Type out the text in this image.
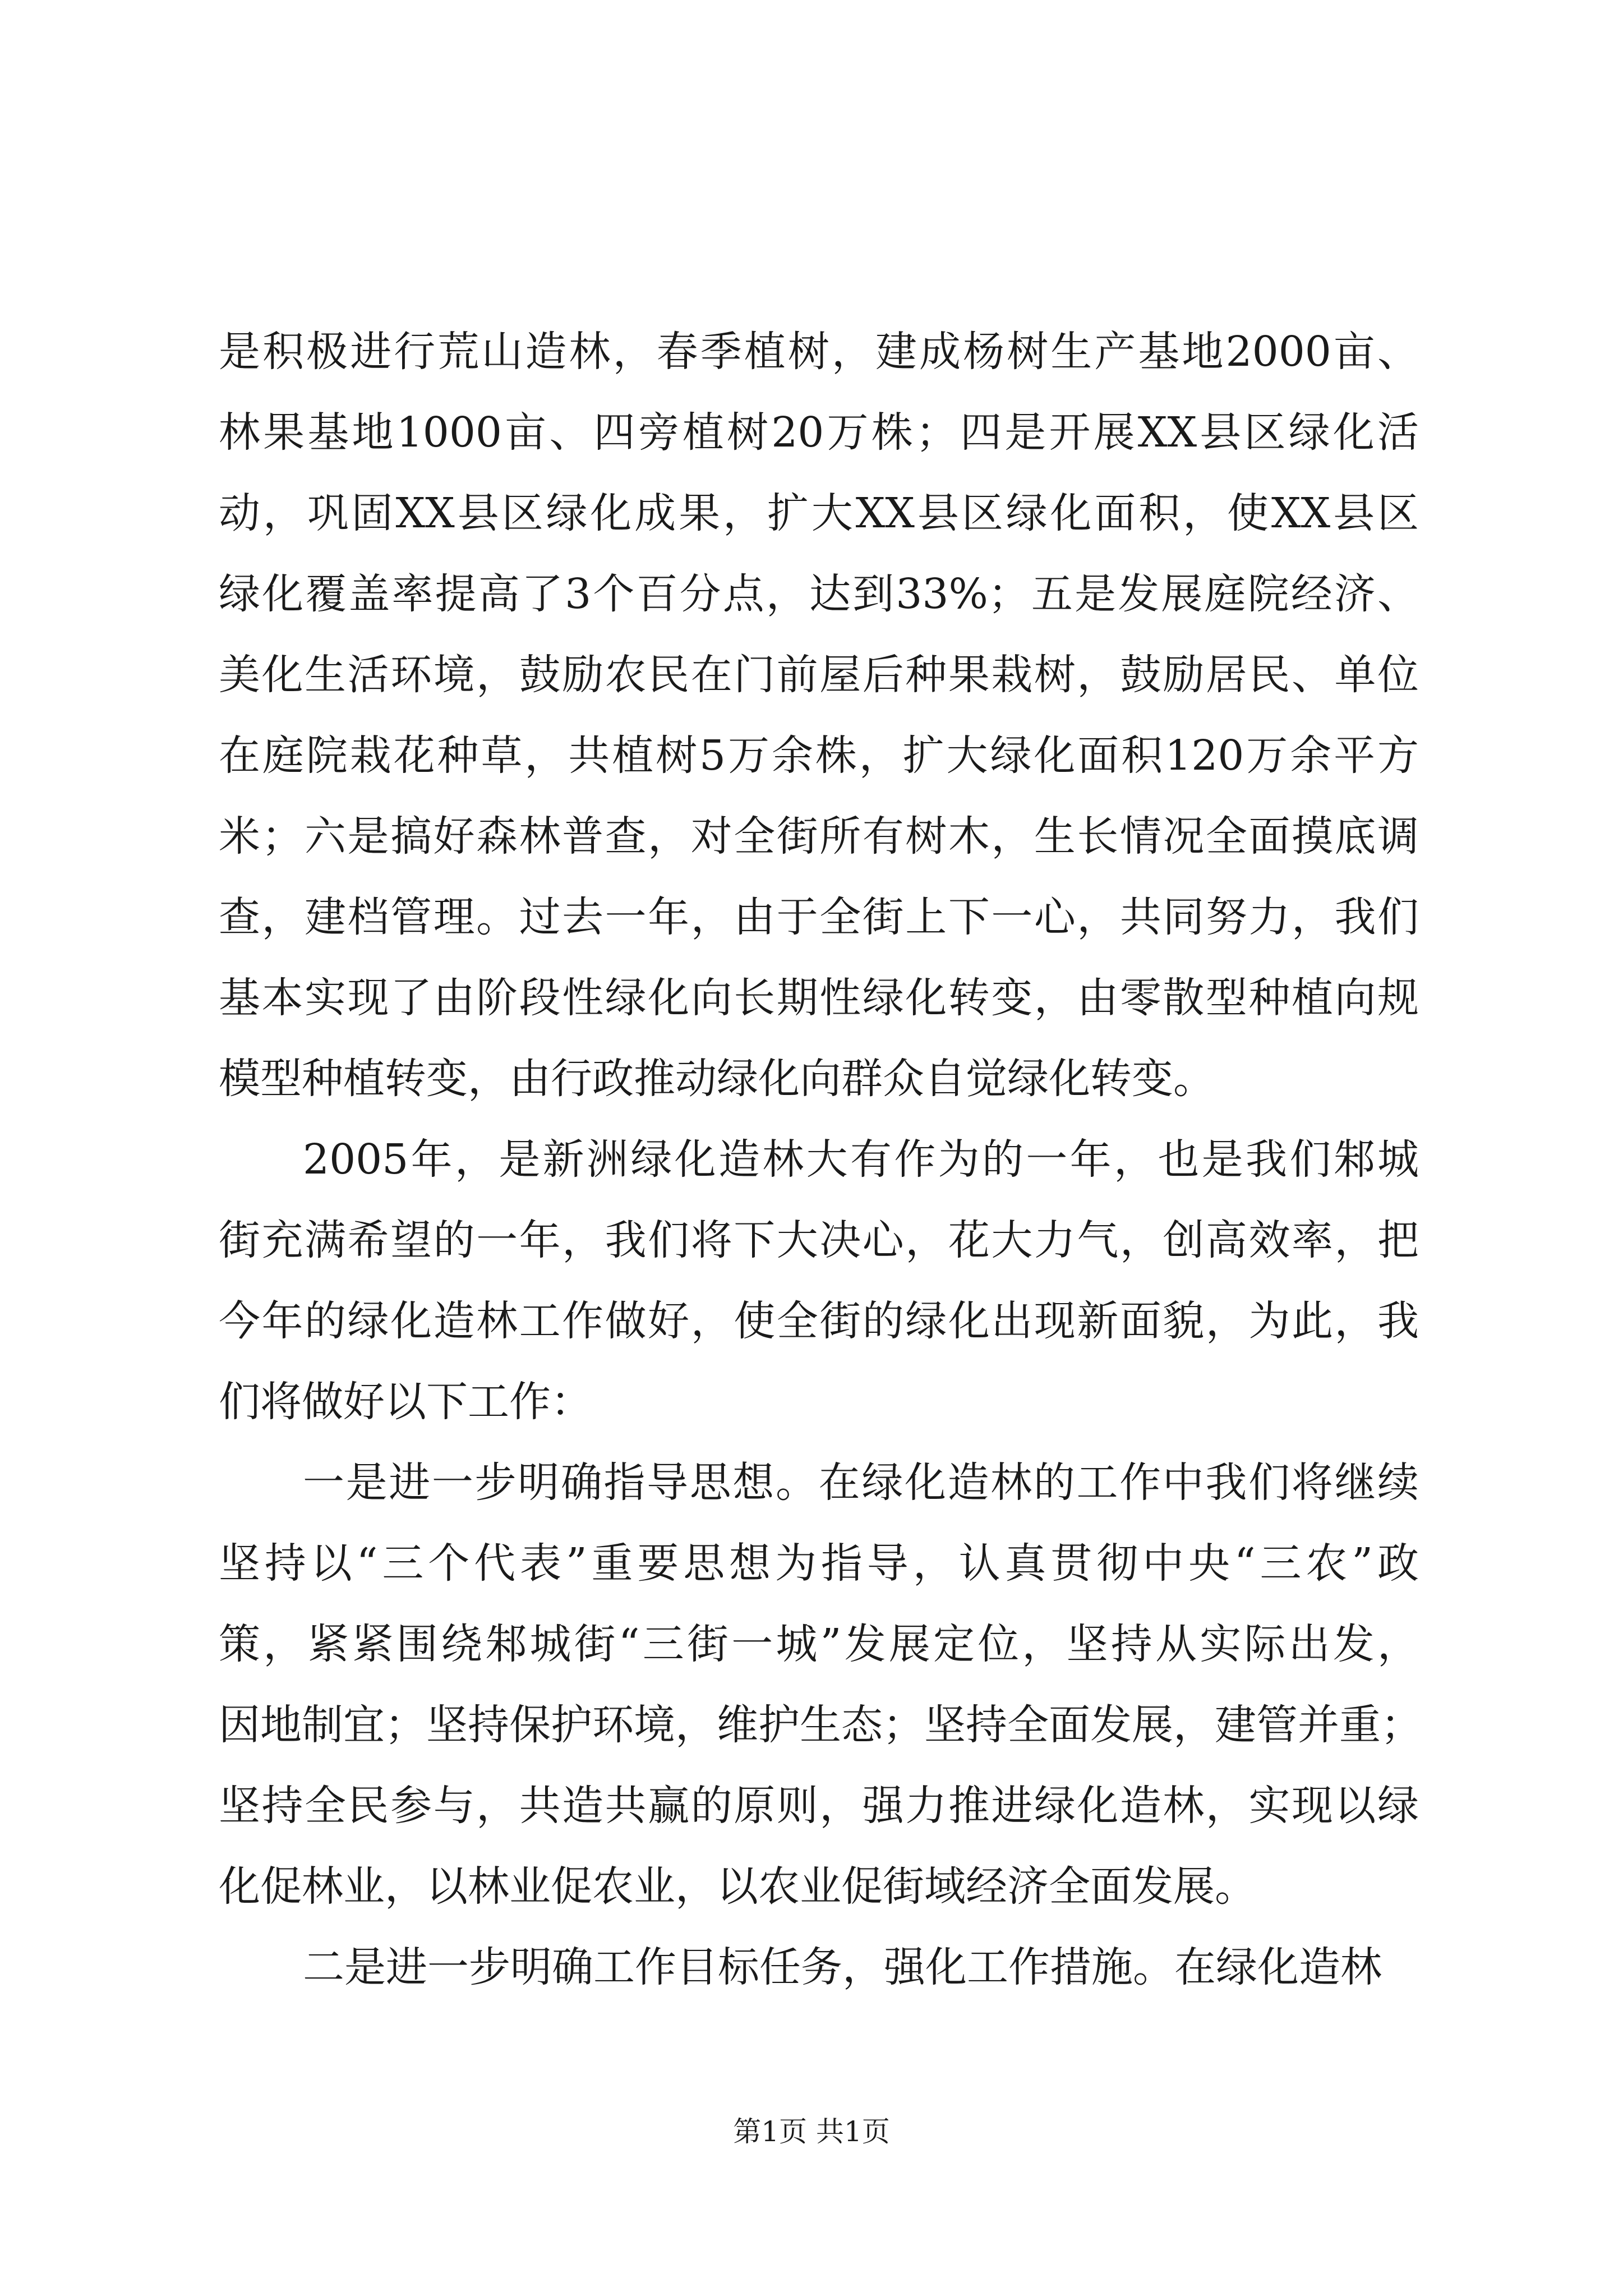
是积极进行荒山造林，春季植树，建成杨树生产基地2000亩、
林果基地1000亩、四旁植树20万株；四是开展XX县区绿化活
动，巩固XX县区绿化成果，扩大XX县区绿化面积，使XX县区
绿化覆盖率提高了3个百分点，达到33%；五是发展庭院经济、
美化生活环境，鼓励农民在门前屋后种果栽树，鼓励居民、单位
在庭院栽花种草，共植树5万余株，扩大绿化面积120万余平方
米；六是搞好森林普查，对全街所有树木，生长情况全面摸底调
查，建档管理。过去一年，由于全街上下一心，共同努力，我们
基本实现了由阶段性绿化向长期性绿化转变，由零散型种植向规
模型种植转变，由行政推动绿化向群众自觉绿化转变。
2005年，是新洲绿化造林大有作为的一年，也是我们邾城
街充满希望的一年，我们将下大决心，花大力气，创高效率，把
今年的绿化造林工作做好，使全街的绿化出现新面貌，为此，我
们将做好以下工作：
一是进一步明确指导思想。在绿化造林的工作中我们将继续
坚持以“三个代表”重要思想为指导，认真贯彻中央“三农”政
策，紧紧围绕邾城街“三街一城”发展定位，坚持从实际出发，
因地制宜；坚持保护环境，维护生态；坚持全面发展，建管并重；
坚持全民参与，共造共赢的原则，强力推进绿化造林，实现以绿
化促林业，以林业促农业，以农业促街域经济全面发展。
二是进一步明确工作目标任务，强化工作措施。在绿化造林
第1页 共1页
